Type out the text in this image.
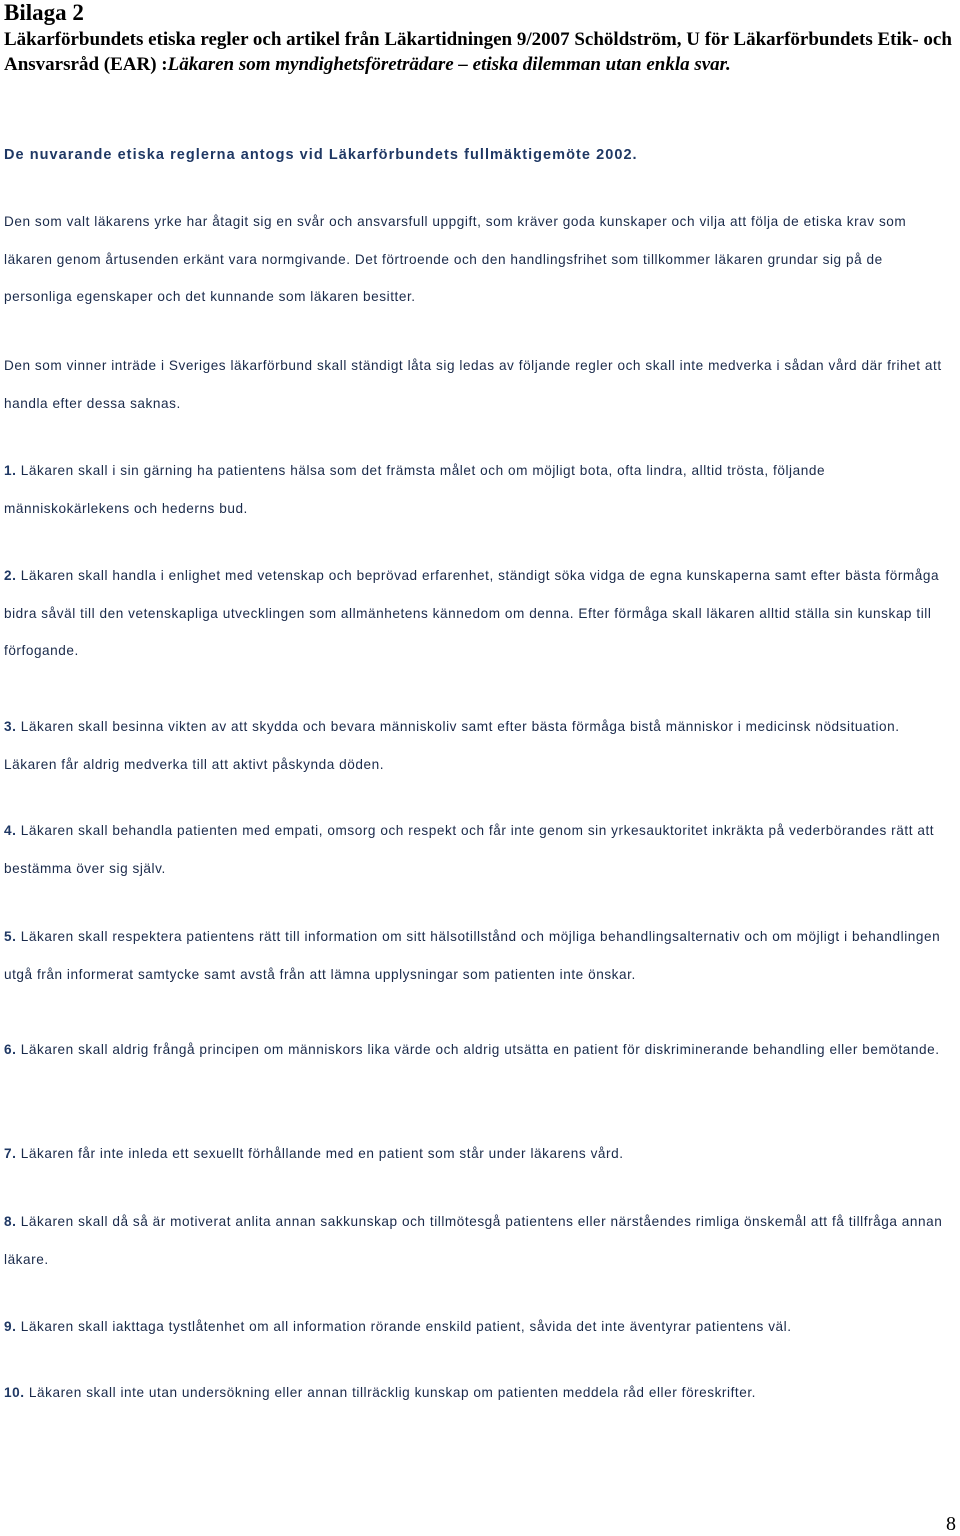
Bilaga 2
Läkarförbundets etiska regler och artikel från Läkartidningen 9/2007 Schöldström, U för Läkarförbundets Etik- och Ansvarsråd (EAR) :Läkaren som myndighetsföreträdare – etiska dilemman utan enkla svar.
De nuvarande etiska reglerna antogs vid Läkarförbundets fullmäktigemöte 2002.

Den som valt läkarens yrke har åtagit sig en svår och ansvarsfull uppgift, som kräver goda kunskaper och vilja att följa de etiska krav som läkaren genom årtusenden erkänt vara normgivande. Det förtroende och den handlingsfrihet som tillkommer läkaren grundar sig på de personliga egenskaper och det kunnande som läkaren besitter.

Den som vinner inträde i Sveriges läkarförbund skall ständigt låta sig ledas av följande regler och skall inte medverka i sådan vård där frihet att handla efter dessa saknas.

1. Läkaren skall i sin gärning ha patientens hälsa som det främsta målet och om möjligt bota, ofta lindra, alltid trösta, följande människokärlekens och hederns bud.

2. Läkaren skall handla i enlighet med vetenskap och beprövad erfarenhet, ständigt söka vidga de egna kunskaperna samt efter bästa förmåga bidra såväl till den vetenskapliga utvecklingen som allmänhetens kännedom om denna. Efter förmåga skall läkaren alltid ställa sin kunskap till förfogande.

3. Läkaren skall besinna vikten av att skydda och bevara människoliv samt efter bästa förmåga bistå människor i medicinsk nödsituation. Läkaren får aldrig medverka till att aktivt påskynda döden.

4. Läkaren skall behandla patienten med empati, omsorg och respekt och får inte genom sin yrkesauktoritet inkräkta på vederbörandes rätt att bestämma över sig själv.

5. Läkaren skall respektera patientens rätt till information om sitt hälsotillstånd och möjliga behandlingsalternativ och om möjligt i behandlingen utgå från informerat samtycke samt avstå från att lämna upplysningar som patienten inte önskar.

6. Läkaren skall aldrig frångå principen om människors lika värde och aldrig utsätta en patient för diskriminerande behandling eller bemötande.

7. Läkaren får inte inleda ett sexuellt förhållande med en patient som står under läkarens vård.

8. Läkaren skall då så är motiverat anlita annan sakkunskap och tillmötesgå patientens eller närståendes rimliga önskemål att få tillfråga annan läkare.

9. Läkaren skall iakttaga tystlåtenhet om all information rörande enskild patient, såvida det inte äventyrar patientens väl.

10. Läkaren skall inte utan undersökning eller annan tillräcklig kunskap om patienten meddela råd eller föreskrifter.

8
